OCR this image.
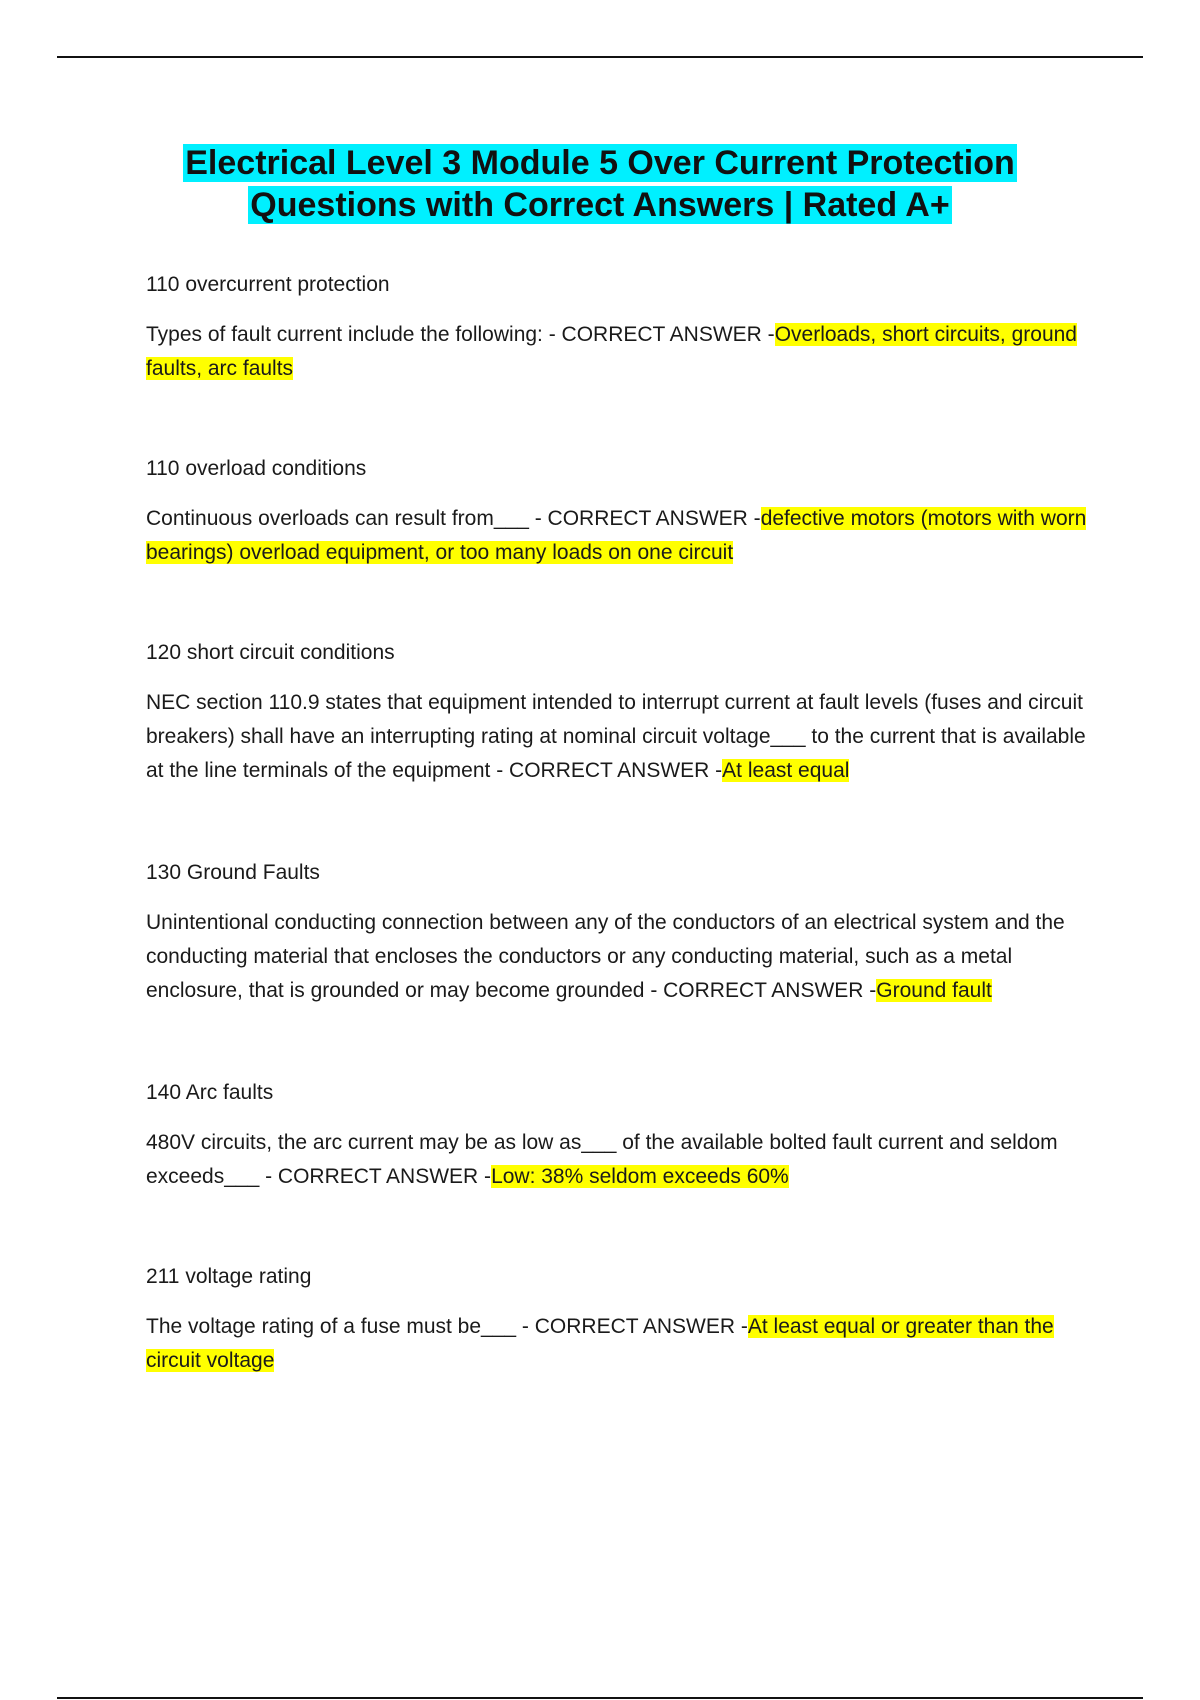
Electrical Level 3 Module 5 Over Current Protection
Questions with Correct Answers | Rated A+

110 overcurrent protection

Types of fault current include the following: - CORRECT ANSWER -Overloads, short circuits, ground faults, arc faults

110 overload conditions

Continuous overloads can result from___ - CORRECT ANSWER -defective motors (motors with worn bearings) overload equipment, or too many loads on one circuit

120 short circuit conditions

NEC section 110.9 states that equipment intended to interrupt current at fault levels (fuses and circuit breakers) shall have an interrupting rating at nominal circuit voltage___ to the current that is available at the line terminals of the equipment - CORRECT ANSWER -At least equal

130 Ground Faults

Unintentional conducting connection between any of the conductors of an electrical system and the conducting material that encloses the conductors or any conducting material, such as a metal enclosure, that is grounded or may become grounded - CORRECT ANSWER -Ground fault

140 Arc faults

480V circuits, the arc current may be as low as___ of the available bolted fault current and seldom exceeds___ - CORRECT ANSWER -Low: 38% seldom exceeds 60%

211 voltage rating

The voltage rating of a fuse must be___ - CORRECT ANSWER -At least equal or greater than the circuit voltage
